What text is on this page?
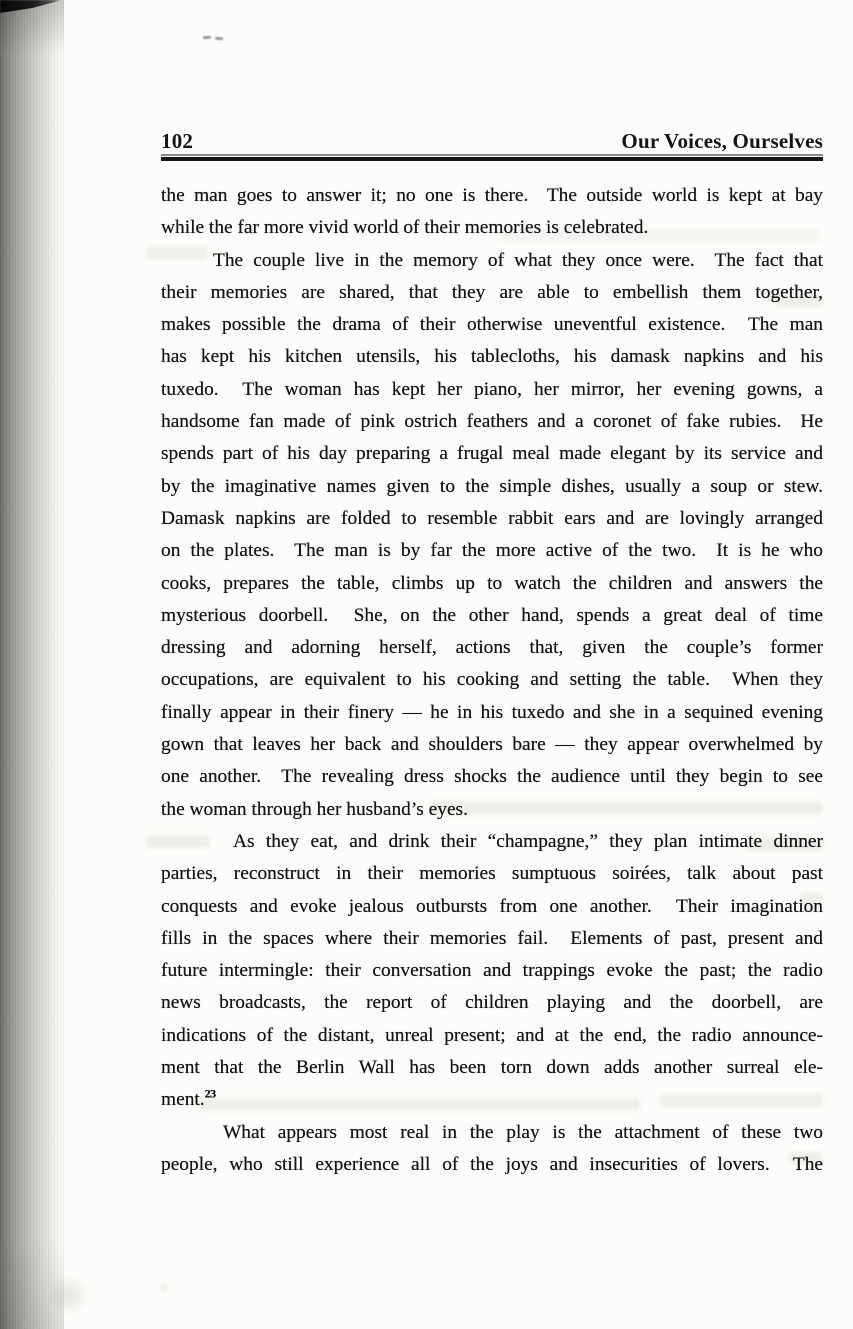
102	Our Voices, Ourselves
the man goes to answer it; no one is there.  The outside world is kept at bay
while the far more vivid world of their memories is celebrated.
The couple live in the memory of what they once were.  The fact that
their memories are shared, that they are able to embellish them together,
makes possible the drama of their otherwise uneventful existence.  The man
has kept his kitchen utensils, his tablecloths, his damask napkins and his
tuxedo.  The woman has kept her piano, her mirror, her evening gowns, a
handsome fan made of pink ostrich feathers and a coronet of fake rubies.  He
spends part of his day preparing a frugal meal made elegant by its service and
by the imaginative names given to the simple dishes, usually a soup or stew.
Damask napkins are folded to resemble rabbit ears and are lovingly arranged
on the plates.  The man is by far the more active of the two.  It is he who
cooks, prepares the table, climbs up to watch the children and answers the
mysterious doorbell.  She, on the other hand, spends a great deal of time
dressing and adorning herself, actions that, given the couple’s former
occupations, are equivalent to his cooking and setting the table.  When they
finally appear in their finery — he in his tuxedo and she in a sequined evening
gown that leaves her back and shoulders bare — they appear overwhelmed by
one another.  The revealing dress shocks the audience until they begin to see
the woman through her husband’s eyes.
As they eat, and drink their “champagne,” they plan intimate dinner
parties, reconstruct in their memories sumptuous soirées, talk about past
conquests and evoke jealous outbursts from one another.  Their imagination
fills in the spaces where their memories fail.  Elements of past, present and
future intermingle: their conversation and trappings evoke the past; the radio
news broadcasts, the report of children playing and the doorbell, are
indications of the distant, unreal present; and at the end, the radio announce-
ment that the Berlin Wall has been torn down adds another surreal ele-
ment.$^{23}$
What appears most real in the play is the attachment of these two
people, who still experience all of the joys and insecurities of lovers.  The
